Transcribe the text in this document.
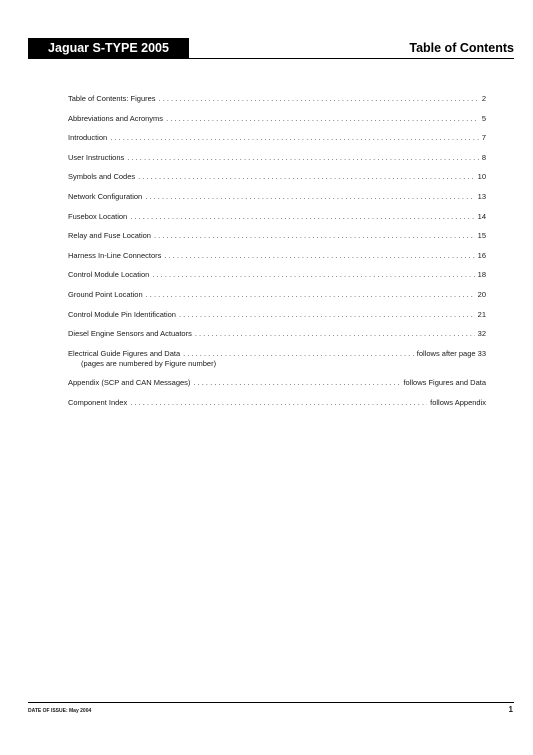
Jaguar S-TYPE 2005	Table of Contents
Table of Contents: Figures . . .	2
Abbreviations and Acronyms . . .	5
Introduction . . .	7
User Instructions . . .	8
Symbols and Codes . . .	10
Network Configuration . . .	13
Fusebox Location . . .	14
Relay and Fuse Location . . .	15
Harness In-Line Connectors . . .	16
Control Module Location . . .	18
Ground Point Location . . .	20
Control Module Pin Identification . . .	21
Diesel Engine Sensors and Actuators . . .	32
Electrical Guide Figures and Data . . .	follows after page 33
(pages are numbered by Figure number)
Appendix (SCP and CAN Messages) . . .	follows Figures and Data
Component Index . . .	follows Appendix
DATE OF ISSUE: May 2004	1
